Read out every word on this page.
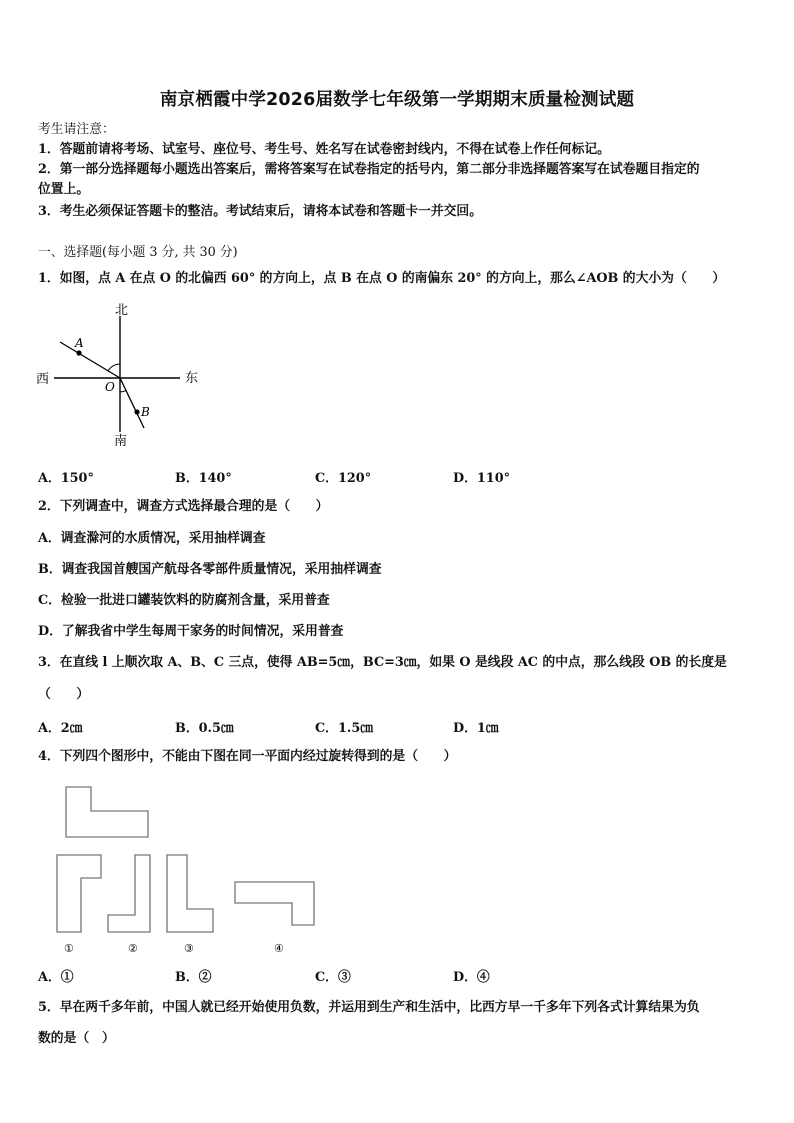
南京栖霞中学2026届数学七年级第一学期期末质量检测试题
考生请注意：
1．答题前请将考场、试室号、座位号、考生号、姓名写在试卷密封线内，不得在试卷上作任何标记。
2．第一部分选择题每小题选出答案后，需将答案写在试卷指定的括号内，第二部分非选择题答案写在试卷题目指定的
位置上。
3．考生必须保证答题卡的整洁。考试结束后，请将本试卷和答题卡一并交回。
一、选择题(每小题 3 分, 共 30 分)
1．如图，点 A 在点 O 的北偏西 60° 的方向上，点 B 在点 O 的南偏东 20° 的方向上，那么∠AOB 的大小为（　　）
北
南
西	东
A
O
B
A．150°	B．140°	C．120°	D．110°
2．下列调查中，调查方式选择最合理的是（　　）
A．调查滁河的水质情况，采用抽样调查
B．调查我国首艘国产航母各零部件质量情况，采用抽样调查
C．检验一批进口罐装饮料的防腐剂含量，采用普查
D．了解我省中学生每周干家务的时间情况，采用普查
3．在直线 l 上顺次取 A、B、C 三点，使得 AB=5㎝，BC=3㎝，如果 O 是线段 AC 的中点，那么线段 OB 的长度是
（　　）
A．2㎝	B．0.5㎝	C．1.5㎝	D．1㎝
4．下列四个图形中，不能由下图在同一平面内经过旋转得到的是（　　）
①	②	③	④
A．①	B．②	C．③	D．④
5．早在两千多年前，中国人就已经开始使用负数，并运用到生产和生活中，比西方早一千多年下列各式计算结果为负
数的是（　）
